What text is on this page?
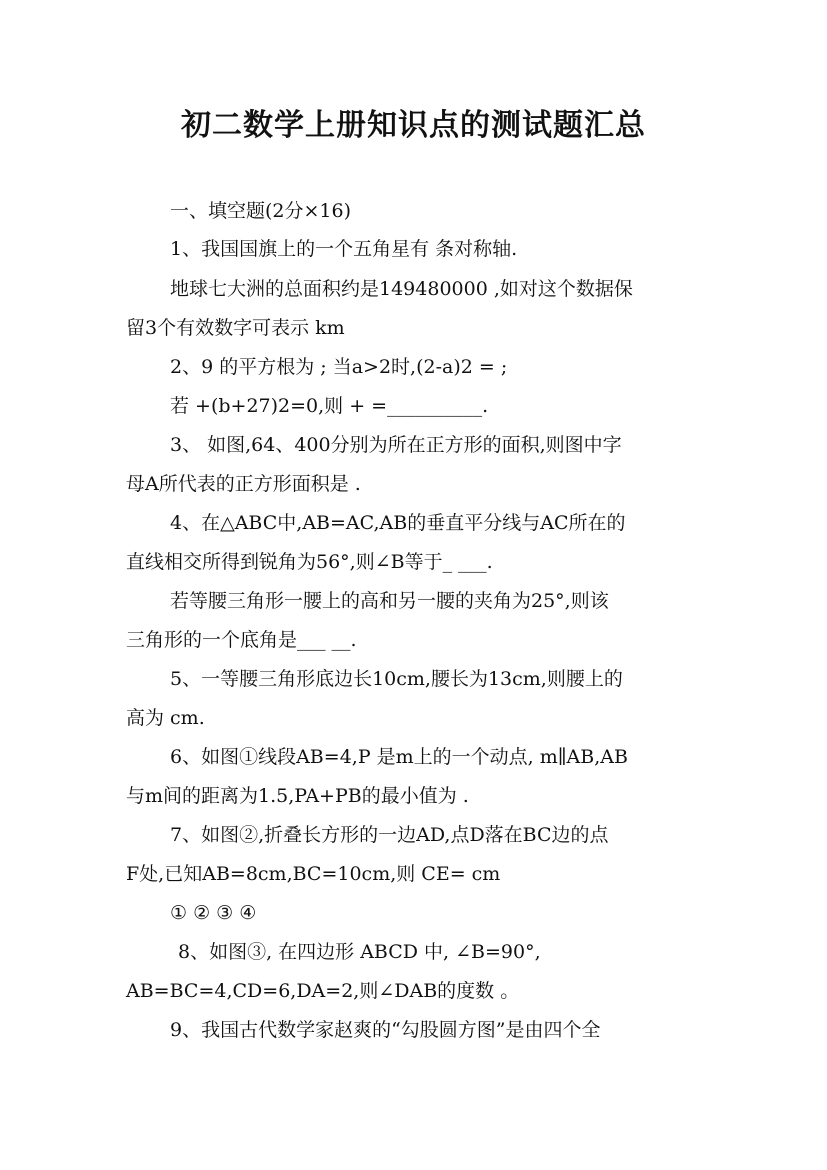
初二数学上册知识点的测试题汇总
一、填空题(2分×16)
1、我国国旗上的一个五角星有 条对称轴.
地球七大洲的总面积约是149480000 ,如对这个数据保
留3个有效数字可表示 km
2、9 的平方根为 ; 当a>2时,(2-a)2 = ;
若 +(b+27)2=0,则 + =__________.
3、 如图,64、400分别为所在正方形的面积,则图中字
母A所代表的正方形面积是 .
4、在△ABC中,AB=AC,AB的垂直平分线与AC所在的
直线相交所得到锐角为56°,则∠B等于_ ___.
若等腰三角形一腰上的高和另一腰的夹角为25°,则该
三角形的一个底角是___ __.
5、一等腰三角形底边长10cm,腰长为13cm,则腰上的
高为 cm.
6、如图①线段AB=4,P 是m上的一个动点, m∥AB,AB
与m间的距离为1.5,PA+PB的最小值为 .
7、如图②,折叠长方形的一边AD,点D落在BC边的点
F处,已知AB=8cm,BC=10cm,则 CE= cm
① ② ③ ④
8、如图③, 在四边形 ABCD 中, ∠B=90°,
AB=BC=4,CD=6,DA=2,则∠DAB的度数 。
9、我国古代数学家赵爽的“勾股圆方图”是由四个全
